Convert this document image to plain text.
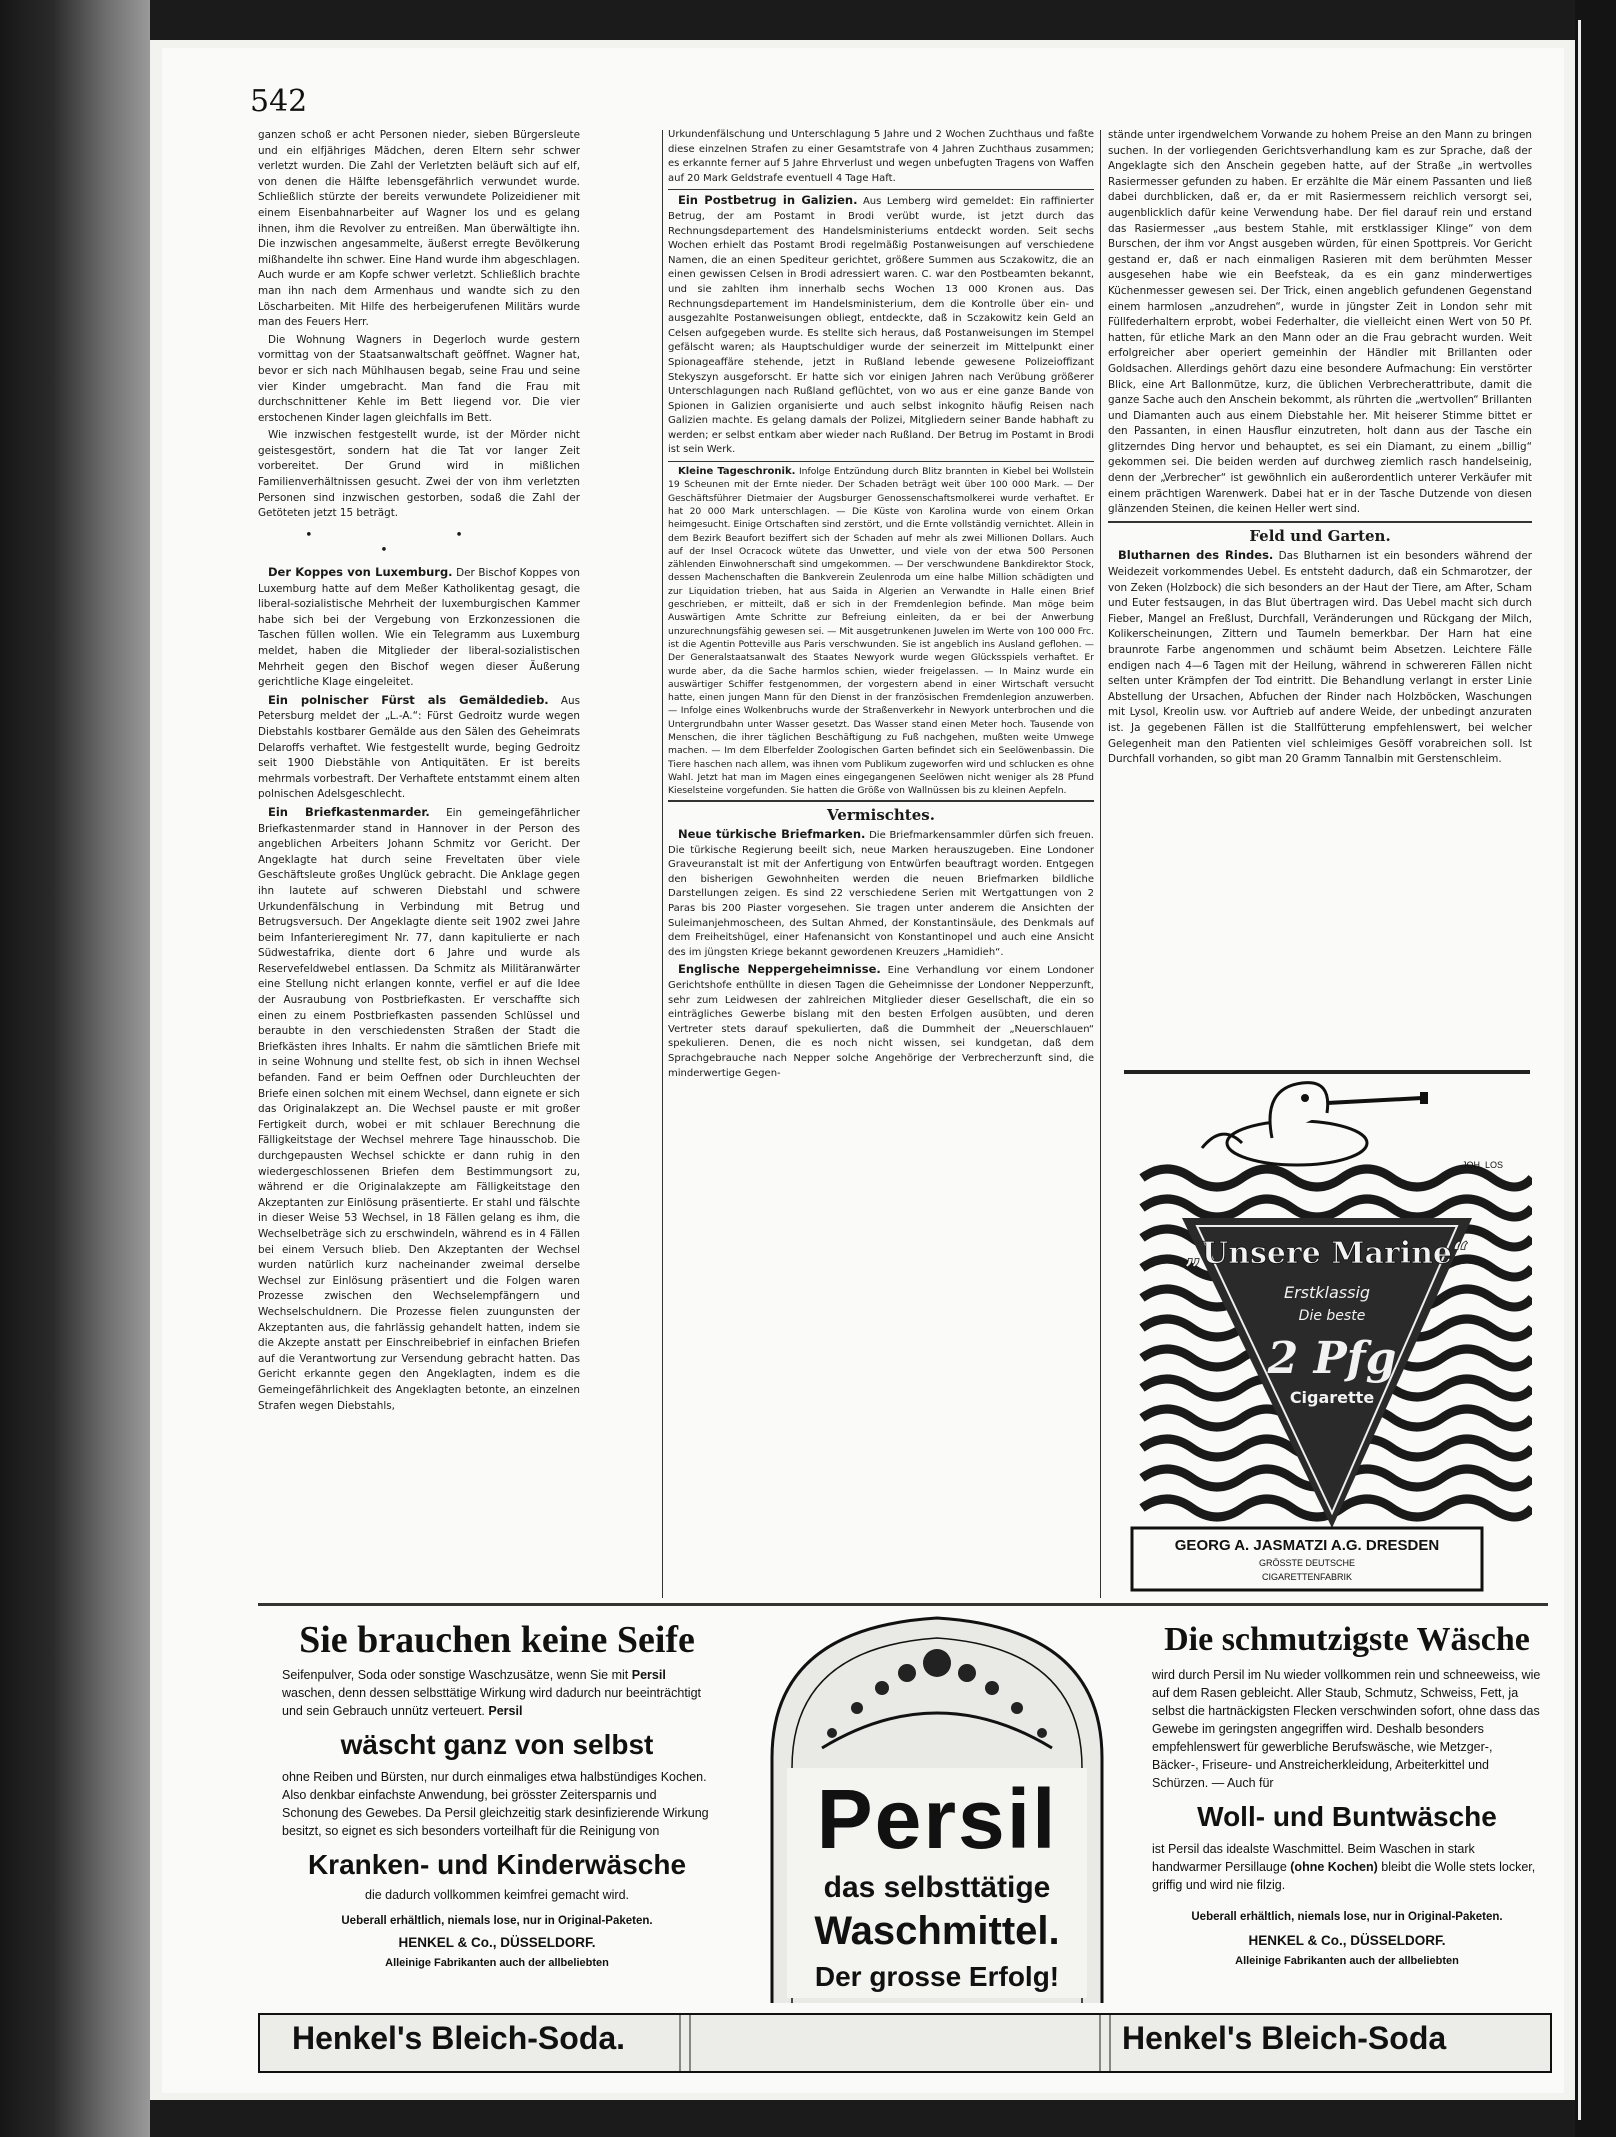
542

ganzen schoß er acht Personen nieder, sieben Bürgersleute und ein elfjähriges Mädchen, deren Eltern sehr schwer verletzt wurden. Die Zahl der Verletzten beläuft sich auf elf, von denen die Hälfte lebensgefährlich verwundet wurde. Schließlich stürzte der bereits verwundete Polizeidiener mit einem Eisenbahnarbeiter auf Wagner los und es gelang ihnen, ihm die Revolver zu entreißen. Man überwältigte ihn. Die inzwischen angesammelte, äußerst erregte Bevölkerung mißhandelte ihn schwer. Eine Hand wurde ihm abgeschlagen. Auch wurde er am Kopfe schwer verletzt. Schließlich brachte man ihn nach dem Armenhaus und wandte sich zu den Löscharbeiten. Mit Hilfe des herbeigerufenen Militärs wurde man des Feuers Herr.

Die Wohnung Wagners in Degerloch wurde gestern vormittag von der Staatsanwaltschaft geöffnet. Wagner hat, bevor er sich nach Mühlhausen begab, seine Frau und seine vier Kinder umgebracht. Man fand die Frau mit durchschnittener Kehle im Bett liegend vor. Die vier erstochenen Kinder lagen gleichfalls im Bett.

Wie inzwischen festgestellt wurde, ist der Mörder nicht geistesgestört, sondern hat die Tat vor langer Zeit vorbereitet. Der Grund wird in mißlichen Familienverhältnissen gesucht. Zwei der von ihm verletzten Personen sind inzwischen gestorben, sodaß die Zahl der Getöteten jetzt 15 beträgt.

• • •

Der Koppes von Luxemburg. Der Bischof Koppes von Luxemburg hatte auf dem Meßer Katholikentag gesagt, die liberal-sozialistische Mehrheit der luxemburgischen Kammer habe sich bei der Vergebung von Erzkonzessionen die Taschen füllen wollen. Wie ein Telegramm aus Luxemburg meldet, haben die Mitglieder der liberal-sozialistischen Mehrheit gegen den Bischof wegen dieser Äußerung gerichtliche Klage eingeleitet.

Ein polnischer Fürst als Gemäldedieb. Aus Petersburg meldet der „L.-A.“: Fürst Gedroitz wurde wegen Diebstahls kostbarer Gemälde aus den Sälen des Geheimrats Delaroffs verhaftet. Wie festgestellt wurde, beging Gedroitz seit 1900 Diebstähle von Antiquitäten. Er ist bereits mehrmals vorbestraft. Der Verhaftete entstammt einem alten polnischen Adelsgeschlecht.

Ein Briefkastenmarder. Ein gemeingefährlicher Briefkastenmarder stand in Hannover in der Person des angeblichen Arbeiters Johann Schmitz vor Gericht. Der Angeklagte hat durch seine Freveltaten über viele Geschäftsleute großes Unglück gebracht. Die Anklage gegen ihn lautete auf schweren Diebstahl und schwere Urkundenfälschung in Verbindung mit Betrug und Betrugsversuch. Der Angeklagte diente seit 1902 zwei Jahre beim Infanterieregiment Nr. 77, dann kapitulierte er nach Südwestafrika, diente dort 6 Jahre und wurde als Reservefeldwebel entlassen. Da Schmitz als Militäranwärter eine Stellung nicht erlangen konnte, verfiel er auf die Idee der Ausraubung von Postbriefkasten. Er verschaffte sich einen zu einem Postbriefkasten passenden Schlüssel und beraubte in den verschiedensten Straßen der Stadt die Briefkästen ihres Inhalts. Er nahm die sämtlichen Briefe mit in seine Wohnung und stellte fest, ob sich in ihnen Wechsel befanden. Fand er beim Oeffnen oder Durchleuchten der Briefe einen solchen mit einem Wechsel, dann eignete er sich das Originalakzept an. Die Wechsel pauste er mit großer Fertigkeit durch, wobei er mit schlauer Berechnung die Fälligkeitstage der Wechsel mehrere Tage hinausschob. Die durchgepausten Wechsel schickte er dann ruhig in den wiedergeschlossenen Briefen dem Bestimmungsort zu, während er die Originalakzepte am Fälligkeitstage den Akzeptanten zur Einlösung präsentierte. Er stahl und fälschte in dieser Weise 53 Wechsel, in 18 Fällen gelang es ihm, die Wechselbeträge sich zu erschwindeln, während es in 4 Fällen bei einem Versuch blieb. Den Akzeptanten der Wechsel wurden natürlich kurz nacheinander zweimal derselbe Wechsel zur Einlösung präsentiert und die Folgen waren Prozesse zwischen den Wechselempfängern und Wechselschuldnern. Die Prozesse fielen zuungunsten der Akzeptanten aus, die fahrlässig gehandelt hatten, indem sie die Akzepte anstatt per Einschreibebrief in einfachen Briefen auf die Verantwortung zur Versendung gebracht hatten. Das Gericht erkannte gegen den Angeklagten, indem es die Gemeingefährlichkeit des Angeklagten betonte, an einzelnen Strafen wegen Diebstahls,

Urkundenfälschung und Unterschlagung 5 Jahre und 2 Wochen Zuchthaus und faßte diese einzelnen Strafen zu einer Gesamtstrafe von 4 Jahren Zuchthaus zusammen; es erkannte ferner auf 5 Jahre Ehrverlust und wegen unbefugten Tragens von Waffen auf 20 Mark Geldstrafe eventuell 4 Tage Haft.

Ein Postbetrug in Galizien. Aus Lemberg wird gemeldet: Ein raffinierter Betrug, der am Postamt in Brodi verübt wurde, ist jetzt durch das Rechnungsdepartement des Handelsministeriums entdeckt worden. Seit sechs Wochen erhielt das Postamt Brodi regelmäßig Postanweisungen auf verschiedene Namen, die an einen Spediteur gerichtet, größere Summen aus Sczakowitz, die an einen gewissen Celsen in Brodi adressiert waren. C. war den Postbeamten bekannt, und sie zahlten ihm innerhalb sechs Wochen 13 000 Kronen aus. Das Rechnungsdepartement im Handelsministerium, dem die Kontrolle über ein- und ausgezahlte Postanweisungen obliegt, entdeckte, daß in Sczakowitz kein Geld an Celsen aufgegeben wurde. Es stellte sich heraus, daß Postanweisungen im Stempel gefälscht waren; als Hauptschuldiger wurde der seinerzeit im Mittelpunkt einer Spionageaffäre stehende, jetzt in Rußland lebende gewesene Polizeioffizant Stekyszyn ausgeforscht. Er hatte sich vor einigen Jahren nach Verübung größerer Unterschlagungen nach Rußland geflüchtet, von wo aus er eine ganze Bande von Spionen in Galizien organisierte und auch selbst inkognito häufig Reisen nach Galizien machte. Es gelang damals der Polizei, Mitgliedern seiner Bande habhaft zu werden; er selbst entkam aber wieder nach Rußland. Der Betrug im Postamt in Brodi ist sein Werk.

Kleine Tageschronik. Infolge Entzündung durch Blitz brannten in Kiebel bei Wollstein 19 Scheunen mit der Ernte nieder. Der Schaden beträgt weit über 100 000 Mark. — Der Geschäftsführer Dietmaier der Augsburger Genossenschaftsmolkerei wurde verhaftet. Er hat 20 000 Mark unterschlagen. — Die Küste von Karolina wurde von einem Orkan heimgesucht. Einige Ortschaften sind zerstört, und die Ernte vollständig vernichtet. Allein in dem Bezirk Beaufort beziffert sich der Schaden auf mehr als zwei Millionen Dollars. Auch auf der Insel Ocracock wütete das Unwetter, und viele von der etwa 500 Personen zählenden Einwohnerschaft sind umgekommen. — Der verschwundene Bankdirektor Stock, dessen Machenschaften die Bankverein Zeulenroda um eine halbe Million schädigten und zur Liquidation trieben, hat aus Saida in Algerien an Verwandte in Halle einen Brief geschrieben, er mitteilt, daß er sich in der Fremdenlegion befinde. Man möge beim Auswärtigen Amte Schritte zur Befreiung einleiten, da er bei der Anwerbung unzurechnungsfähig gewesen sei. — Mit ausgetrunkenen Juwelen im Werte von 100 000 Frc. ist die Agentin Potteville aus Paris verschwunden. Sie ist angeblich ins Ausland geflohen. — Der Generalstaatsanwalt des Staates Newyork wurde wegen Glücksspiels verhaftet. Er wurde aber, da die Sache harmlos schien, wieder freigelassen. — In Mainz wurde ein auswärtiger Schiffer festgenommen, der vorgestern abend in einer Wirtschaft versucht hatte, einen jungen Mann für den Dienst in der französischen Fremdenlegion anzuwerben. — Infolge eines Wolkenbruchs wurde der Straßenverkehr in Newyork unterbrochen und die Untergrundbahn unter Wasser gesetzt. Das Wasser stand einen Meter hoch. Tausende von Menschen, die ihrer täglichen Beschäftigung zu Fuß nachgehen, mußten weite Umwege machen. — Im dem Elberfelder Zoologischen Garten befindet sich ein Seelöwenbassin. Die Tiere haschen nach allem, was ihnen vom Publikum zugeworfen wird und schlucken es ohne Wahl. Jetzt hat man im Magen eines eingegangenen Seelöwen nicht weniger als 28 Pfund Kieselsteine vorgefunden. Sie hatten die Größe von Wallnüssen bis zu kleinen Aepfeln.

Vermischtes.

Neue türkische Briefmarken. Die Briefmarkensammler dürfen sich freuen. Die türkische Regierung beeilt sich, neue Marken herauszugeben. Eine Londoner Graveuranstalt ist mit der Anfertigung von Entwürfen beauftragt worden. Entgegen den bisherigen Gewohnheiten werden die neuen Briefmarken bildliche Darstellungen zeigen. Es sind 22 verschiedene Serien mit Wertgattungen von 2 Paras bis 200 Piaster vorgesehen. Sie tragen unter anderem die Ansichten der Suleimanjehmoscheen, des Sultan Ahmed, der Konstantinsäule, des Denkmals auf dem Freiheitshügel, einer Hafenansicht von Konstantinopel und auch eine Ansicht des im jüngsten Kriege bekannt gewordenen Kreuzers „Hamidieh“.

Englische Neppergeheimnisse. Eine Verhandlung vor einem Londoner Gerichtshofe enthüllte in diesen Tagen die Geheimnisse der Londoner Nepperzunft, sehr zum Leidwesen der zahlreichen Mitglieder dieser Gesellschaft, die ein so einträgliches Gewerbe bislang mit den besten Erfolgen ausübten, und deren Vertreter stets darauf spekulierten, daß die Dummheit der „Neuerschlauen“ spekulieren. Denen, die es noch nicht wissen, sei kundgetan, daß dem Sprachgebrauche nach Nepper solche Angehörige der Verbrecherzunft sind, die minderwertige Gegen-

stände unter irgendwelchem Vorwande zu hohem Preise an den Mann zu bringen suchen. In der vorliegenden Gerichtsverhandlung kam es zur Sprache, daß der Angeklagte sich den Anschein gegeben hatte, auf der Straße „in wertvolles Rasiermesser gefunden zu haben. Er erzählte die Mär einem Passanten und ließ dabei durchblicken, daß er, da er mit Rasiermessern reichlich versorgt sei, augenblicklich dafür keine Verwendung habe. Der fiel darauf rein und erstand das Rasiermesser „aus bestem Stahle, mit erstklassiger Klinge“ von dem Burschen, der ihm vor Angst ausgeben würden, für einen Spottpreis. Vor Gericht gestand er, daß er nach einmaligen Rasieren mit dem berühmten Messer ausgesehen habe wie ein Beefsteak, da es ein ganz minderwertiges Küchenmesser gewesen sei. Der Trick, einen angeblich gefundenen Gegenstand einem harmlosen „anzudrehen“, wurde in jüngster Zeit in London sehr mit Füllfederhaltern erprobt, wobei Federhalter, die vielleicht einen Wert von 50 Pf. hatten, für etliche Mark an den Mann oder an die Frau gebracht wurden. Weit erfolgreicher aber operiert gemeinhin der Händler mit Brillanten oder Goldsachen. Allerdings gehört dazu eine besondere Aufmachung: Ein verstörter Blick, eine Art Ballonmütze, kurz, die üblichen Verbrecherattribute, damit die ganze Sache auch den Anschein bekommt, als rührten die „wertvollen“ Brillanten und Diamanten auch aus einem Diebstahle her. Mit heiserer Stimme bittet er den Passanten, in einen Hausflur einzutreten, holt dann aus der Tasche ein glitzerndes Ding hervor und behauptet, es sei ein Diamant, zu einem „billig“ gekommen sei. Die beiden werden auf durchweg ziemlich rasch handelseinig, denn der „Verbrecher“ ist gewöhnlich ein außerordentlich unterer Verkäufer mit einem prächtigen Warenwerk. Dabei hat er in der Tasche Dutzende von diesen glänzenden Steinen, die keinen Heller wert sind.

Feld und Garten.

Blutharnen des Rindes. Das Blutharnen ist ein besonders während der Weidezeit vorkommendes Uebel. Es entsteht dadurch, daß ein Schmarotzer, der von Zeken (Holzbock) die sich besonders an der Haut der Tiere, am After, Scham und Euter festsaugen, in das Blut übertragen wird. Das Uebel macht sich durch Fieber, Mangel an Freßlust, Durchfall, Veränderungen und Rückgang der Milch, Kolikerscheinungen, Zittern und Taumeln bemerkbar. Der Harn hat eine braunrote Farbe angenommen und schäumt beim Absetzen. Leichtere Fälle endigen nach 4—6 Tagen mit der Heilung, während in schwereren Fällen nicht selten unter Krämpfen der Tod eintritt. Die Behandlung verlangt in erster Linie Abstellung der Ursachen, Abfuchen der Rinder nach Holzböcken, Waschungen mit Lysol, Kreolin usw. vor Auftrieb auf andere Weide, der unbedingt anzuraten ist. Ja gegebenen Fällen ist die Stallfütterung empfehlenswert, bei welcher Gelegenheit man den Patienten viel schleimiges Gesöff vorabreichen soll. Ist Durchfall vorhanden, so gibt man 20 Gramm Tannalbin mit Gerstenschleim.

JOH. LOS
„Unsere Marine“
Erstklassig
Die beste
2 Pfg
Cigarette
GEORG A. JASMATZI A.G. DRESDEN
GRÖSSTE DEUTSCHE
CIGARETTENFABRIK
Sie brauchen keine Seife

Seifenpulver, Soda oder sonstige Waschzusätze, wenn Sie mit Persil waschen, denn dessen selbsttätige Wirkung wird dadurch nur beeinträchtigt und sein Gebrauch unnütz verteuert. Persil

wäscht ganz von selbst

ohne Reiben und Bürsten, nur durch einmaliges etwa halbstündiges Kochen. Also denkbar einfachste Anwendung, bei grösster Zeitersparnis und Schonung des Gewebes. Da Persil gleichzeitig stark desinfizierende Wirkung besitzt, so eignet es sich besonders vorteilhaft für die Reinigung von

Kranken- und Kinderwäsche

die dadurch vollkommen keimfrei gemacht wird.

Ueberall erhältlich, niemals lose, nur in Original-Paketen.

HENKEL & Co., DÜSSELDORF.

Alleinige Fabrikanten auch der allbeliebten

Persil
das selbsttätige
Waschmittel.
Der grosse Erfolg!
Die schmutzigste Wäsche

wird durch Persil im Nu wieder vollkommen rein und schneeweiss, wie auf dem Rasen gebleicht. Aller Staub, Schmutz, Schweiss, Fett, ja selbst die hartnäckigsten Flecken verschwinden sofort, ohne dass das Gewebe im geringsten angegriffen wird. Deshalb besonders empfehlenswert für gewerbliche Berufswäsche, wie Metzger-, Bäcker-, Friseure- und Anstreicherkleidung, Arbeiterkittel und Schürzen. — Auch für

Woll- und Buntwäsche

ist Persil das idealste Waschmittel. Beim Waschen in stark handwarmer Persillauge (ohne Kochen) bleibt die Wolle stets locker, griffig und wird nie filzig.

Ueberall erhältlich, niemals lose, nur in Original-Paketen.

HENKEL & Co., DÜSSELDORF.

Alleinige Fabrikanten auch der allbeliebten

Henkel's Bleich-Soda.	Henkel's Bleich-Soda
